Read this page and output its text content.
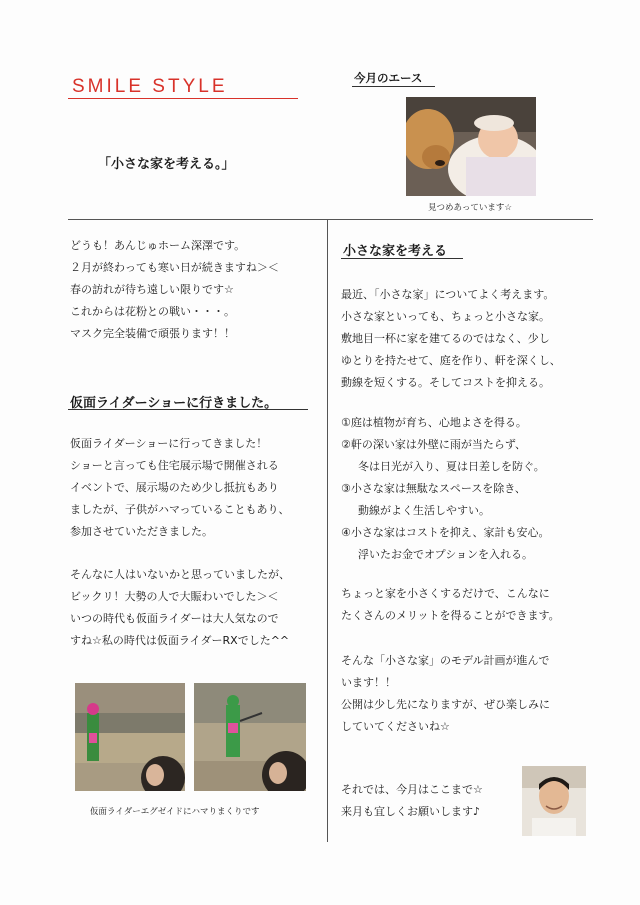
SMILE STYLE
「小さな家を考える。」
今月のエース
見つめあっています☆
どうも！あんじゅホーム深澤です。
２月が終わっても寒い日が続きますね＞＜
春の訪れが待ち遠しい限りです☆
これからは花粉との戦い・・・。
マスク完全装備で頑張ります！！
仮面ライダーショーに行きました。
仮面ライダーショーに行ってきました！
ショーと言っても住宅展示場で開催される
イベントで、展示場のため少し抵抗もあり
ましたが、子供がハマっていることもあり、
参加させていただきました。
そんなに人はいないかと思っていましたが、
ビックリ！大勢の人で大賑わいでした＞＜
いつの時代も仮面ライダーは大人気なので
すね☆私の時代は仮面ライダーRXでした^^
仮面ライダーエグゼイドにハマりまくりです
小さな家を考える
最近、「小さな家」についてよく考えます。
小さな家といっても、ちょっと小さな家。
敷地目一杯に家を建てるのではなく、少し
ゆとりを持たせて、庭を作り、軒を深くし、
動線を短くする。そしてコストを抑える。
①庭は植物が育ち、心地よさを得る。
②軒の深い家は外壁に雨が当たらず、
冬は日光が入り、夏は日差しを防ぐ。
③小さな家は無駄なスペースを除き、
動線がよく生活しやすい。
④小さな家はコストを抑え、家計も安心。
浮いたお金でオプションを入れる。
ちょっと家を小さくするだけで、こんなに
たくさんのメリットを得ることができます。
そんな「小さな家」のモデル計画が進んで
います！！
公開は少し先になりますが、ぜひ楽しみに
していてくださいね☆
それでは、今月はここまで☆
来月も宜しくお願いします♪
